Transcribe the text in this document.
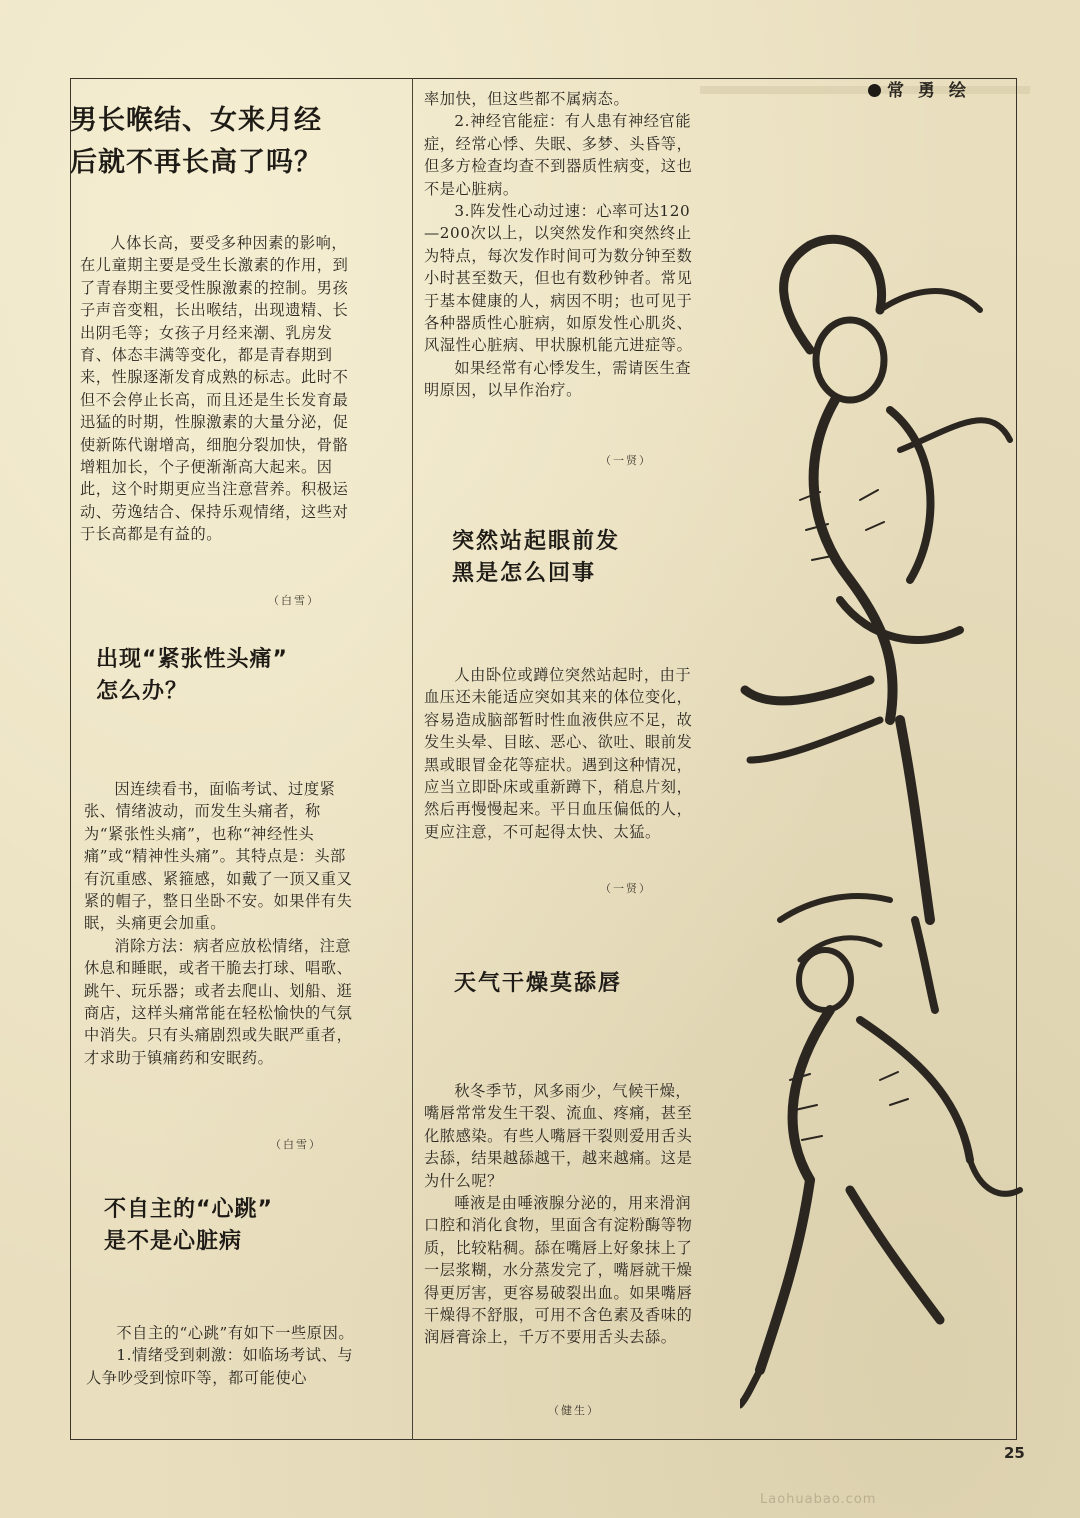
常 勇 绘
男长喉结、女来月经
后就不再长高了吗？

人体长高，要受多种因素的影响，在儿童期主要是受生长激素的作用，到了青春期主要受性腺激素的控制。男孩子声音变粗，长出喉结，出现遗精、长出阴毛等；女孩子月经来潮、乳房发育、体态丰满等变化，都是青春期到来，性腺逐渐发育成熟的标志。此时不但不会停止长高，而且还是生长发育最迅猛的时期，性腺激素的大量分泌，促使新陈代谢增高，细胞分裂加快，骨骼增粗加长，个子便渐渐高大起来。因此，这个时期更应当注意营养。积极运动、劳逸结合、保持乐观情绪，这些对于长高都是有益的。

（白雪）
出现“紧张性头痛”
怎么办？

因连续看书，面临考试、过度紧张、情绪波动，而发生头痛者，称为“紧张性头痛”，也称“神经性头痛”或“精神性头痛”。其特点是：头部有沉重感、紧箍感，如戴了一顶又重又紧的帽子，整日坐卧不安。如果伴有失眠，头痛更会加重。

消除方法：病者应放松情绪，注意休息和睡眠，或者干脆去打球、唱歌、跳午、玩乐器；或者去爬山、划船、逛商店，这样头痛常能在轻松愉快的气氛中消失。只有头痛剧烈或失眠严重者，才求助于镇痛药和安眠药。

（白雪）
不自主的“心跳”
是不是心脏病

不自主的“心跳”有如下一些原因。

1.情绪受到刺激：如临场考试、与人争吵受到惊吓等，都可能使心

率加快，但这些都不属病态。

2.神经官能症：有人患有神经官能症，经常心悸、失眠、多梦、头昏等，但多方检查均查不到器质性病变，这也不是心脏病。

3.阵发性心动过速：心率可达120—200次以上，以突然发作和突然终止为特点，每次发作时间可为数分钟至数小时甚至数天，但也有数秒钟者。常见于基本健康的人，病因不明；也可见于各种器质性心脏病，如原发性心肌炎、风湿性心脏病、甲状腺机能亢进症等。

如果经常有心悸发生，需请医生查明原因，以早作治疗。

（一贤）
突然站起眼前发
黑是怎么回事

人由卧位或蹲位突然站起时，由于血压还未能适应突如其来的体位变化，容易造成脑部暂时性血液供应不足，故发生头晕、目眩、恶心、欲吐、眼前发黑或眼冒金花等症状。遇到这种情况，应当立即卧床或重新蹲下，稍息片刻，然后再慢慢起来。平日血压偏低的人，更应注意，不可起得太快、太猛。

（一贤）
天气干燥莫舔唇

秋冬季节，风多雨少，气候干燥，嘴唇常常发生干裂、流血、疼痛，甚至化脓感染。有些人嘴唇干裂则爱用舌头去舔，结果越舔越干，越来越痛。这是为什么呢？

唾液是由唾液腺分泌的，用来滑润口腔和消化食物，里面含有淀粉酶等物质，比较粘稠。舔在嘴唇上好象抹上了一层浆糊，水分蒸发完了，嘴唇就干燥得更厉害，更容易破裂出血。如果嘴唇干燥得不舒服，可用不含色素及香味的润唇膏涂上，千万不要用舌头去舔。

（健生）
25
Laohuabao.com
